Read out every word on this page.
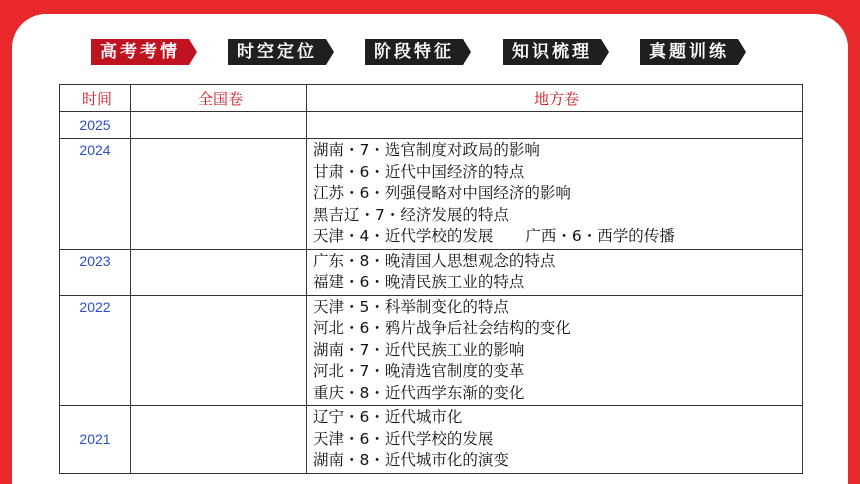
高考考情	时空定位	阶段特征	知识梳理	真题训练
时间	全国卷	地方卷
2025		
2024		湖南・7・选官制度对政局的影响
甘肃・6・近代中国经济的特点
江苏・6・列强侵略对中国经济的影响
黑吉辽・7・经济发展的特点
天津・4・近代学校的发展 广西・6・西学的传播

2023		广东・8・晚清国人思想观念的特点
福建・6・晚清民族工业的特点

2022		天津・5・科举制变化的特点
河北・6・鸦片战争后社会结构的变化
湖南・7・近代民族工业的影响
河北・7・晚清选官制度的变革
重庆・8・近代西学东渐的变化

2021		辽宁・6・近代城市化
天津・6・近代学校的发展
湖南・8・近代城市化的演变
